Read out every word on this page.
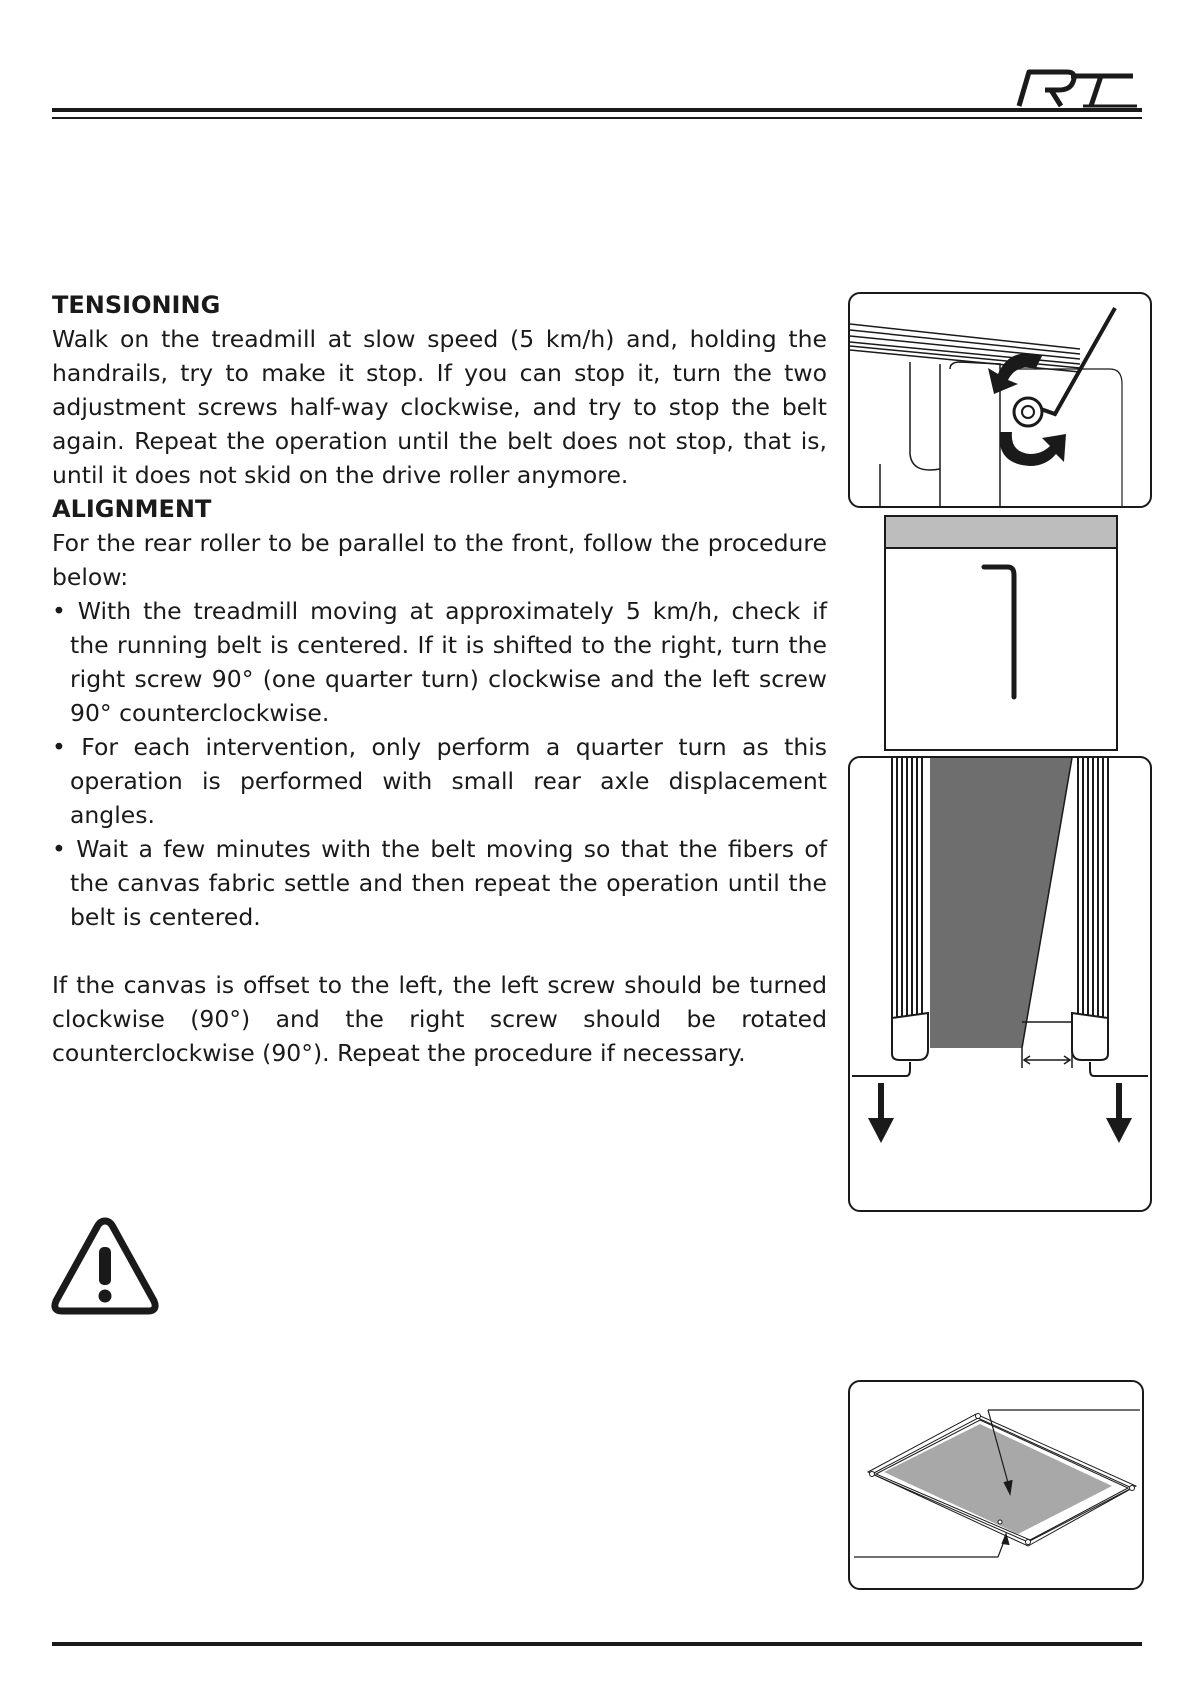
TENSIONING

Walk on the treadmill at slow speed (5 km/h) and, holding the handrails, try to make it stop. If you can stop it, turn the two adjustment screws half-way clockwise, and try to stop the belt again. Repeat the operation until the belt does not stop, that is, until it does not skid on the drive roller anymore.

ALIGNMENT

For the rear roller to be parallel to the front, follow the procedure below:

• With the treadmill moving at approximately 5 km/h, check if the running belt is centered. If it is shifted to the right, turn the right screw 90° (one quarter turn) clockwise and the left screw 90° counterclockwise.

• For each intervention, only perform a quarter turn as this operation is performed with small rear axle displacement angles.

• Wait a few minutes with the belt moving so that the fibers of the canvas fabric settle and then repeat the operation until the belt is centered.

If the canvas is offset to the left, the left screw should be turned clockwise (90°) and the right screw should be rotated counterclockwise (90°). Repeat the procedure if necessary.
